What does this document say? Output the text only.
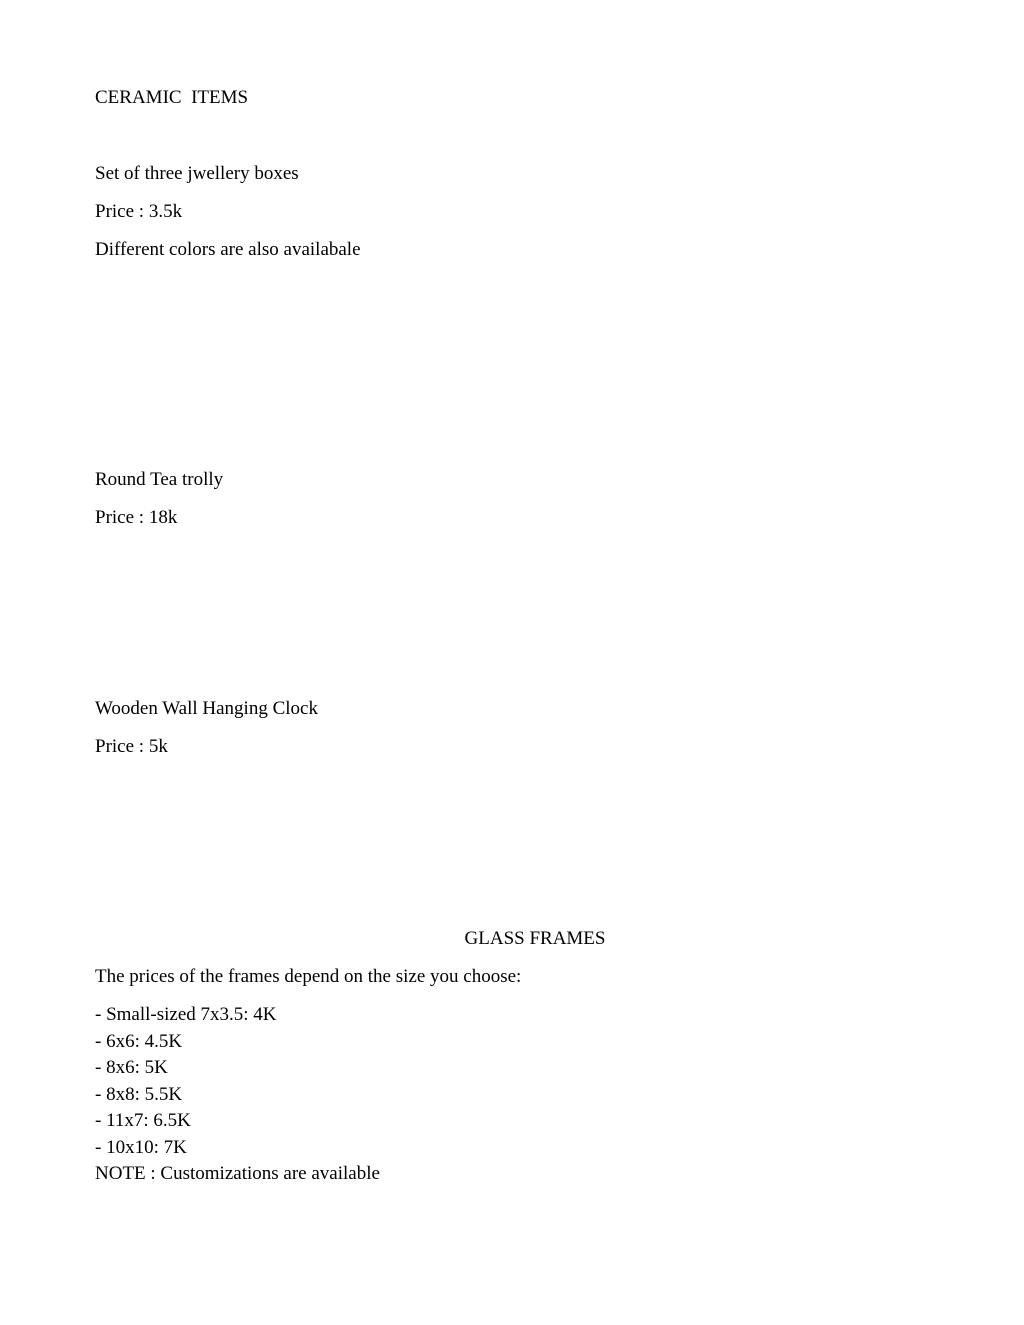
CERAMIC  ITEMS

Set of three jwellery boxes

Price : 3.5k

Different colors are also availabale

Round Tea trolly

Price : 18k

Wooden Wall Hanging Clock

Price : 5k

GLASS FRAMES

The prices of the frames depend on the size you choose:

- Small-sized 7x3.5: 4K

- 6x6: 4.5K

- 8x6: 5K

- 8x8: 5.5K

- 11x7: 6.5K

- 10x10: 7K

NOTE : Customizations are available
